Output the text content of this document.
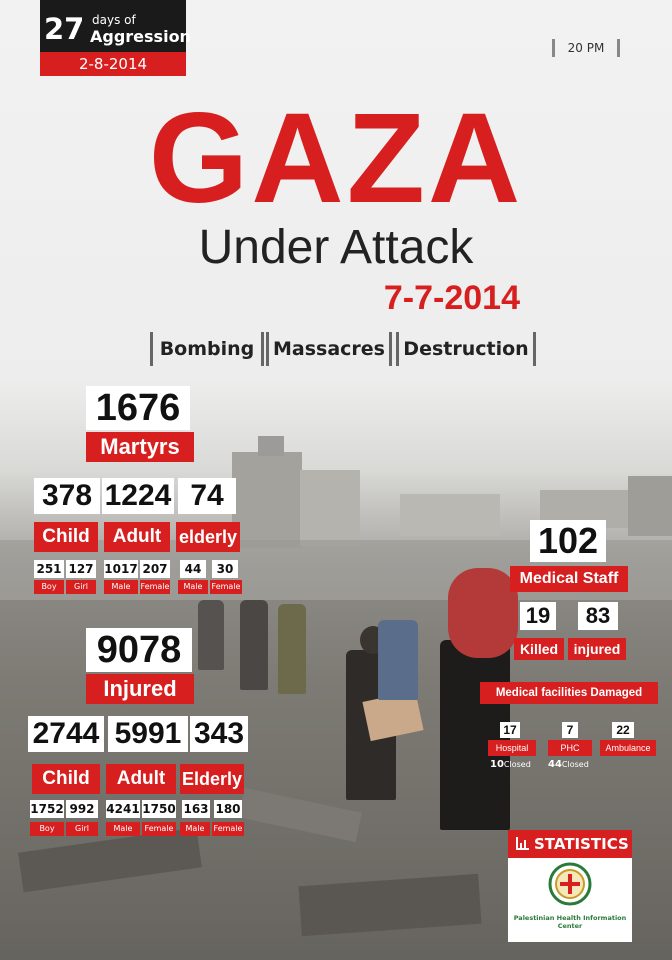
27 days of
Aggression
2-8-2014
20 PM
GAZA
Under Attack
7-7-2014
Bombing Massacres Destruction
1676
Martyrs
378 1224 74
Child	Adult elderly
251 127 1017 207	44	30
Boy	Girl	Male	Female	Male	Female
9078
Injured
2744 5991 343
Child	Adult Elderly
1752 992 4241 1750 163 180
Boy	Girl	Male	Female	Male	Female
102
Medical Staff
19	83
Killed	injured
Medical facilities Damaged
17	7	22
Hospital	PHC	Ambulance
10Closed 44Closed
STATISTICS
Palestinian Health Information Center
